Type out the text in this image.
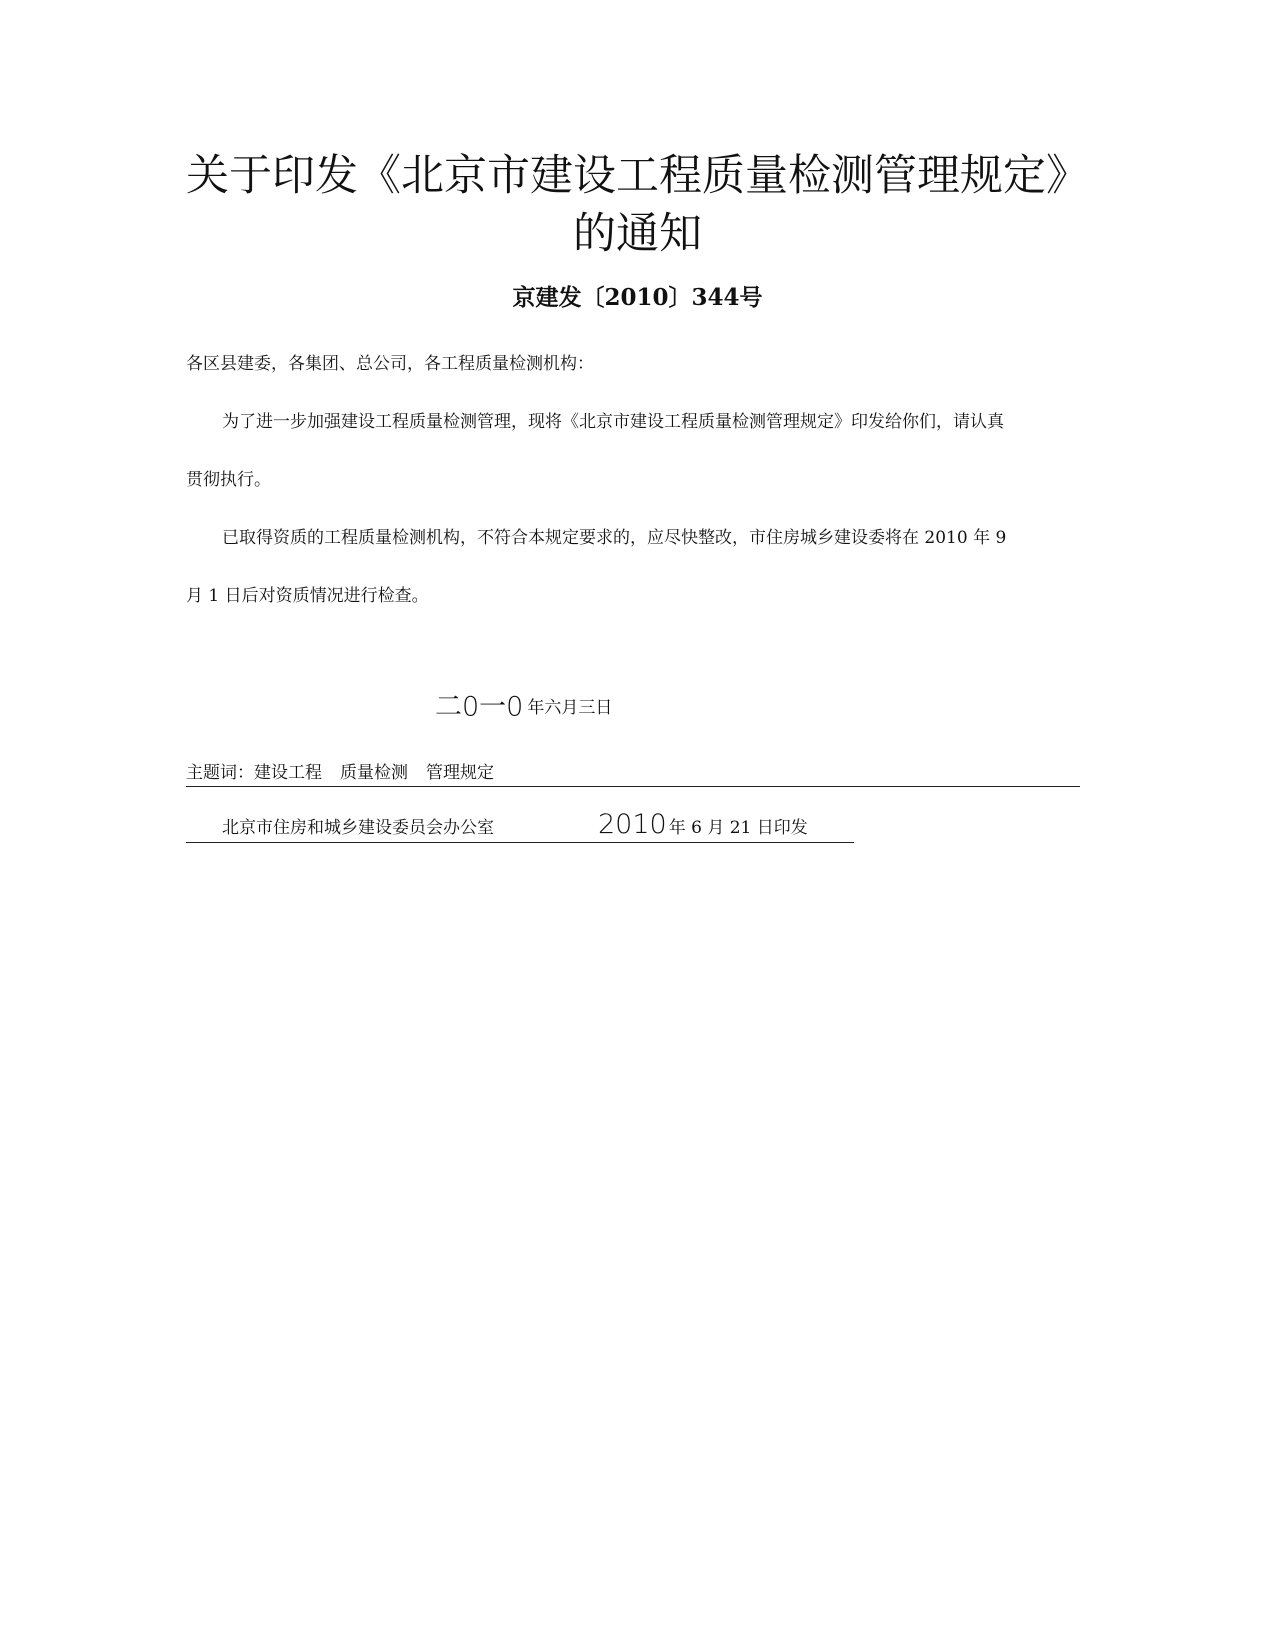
关于印发《北京市建设工程质量检测管理规定》
的通知
京建发〔2010〕344号
各区县建委，各集团、总公司，各工程质量检测机构：
为了进一步加强建设工程质量检测管理，现将《北京市建设工程质量检测管理规定》印发给你们，请认真
贯彻执行。
已取得资质的工程质量检测机构，不符合本规定要求的，应尽快整改，市住房城乡建设委将在 2010 年 9
月 1 日后对资质情况进行检查。
二0一0 年六月三日
主题词：建设工程 质量检测 管理规定
北京市住房和城乡建设委员会办公室	2010 年 6 月 21 日印发
